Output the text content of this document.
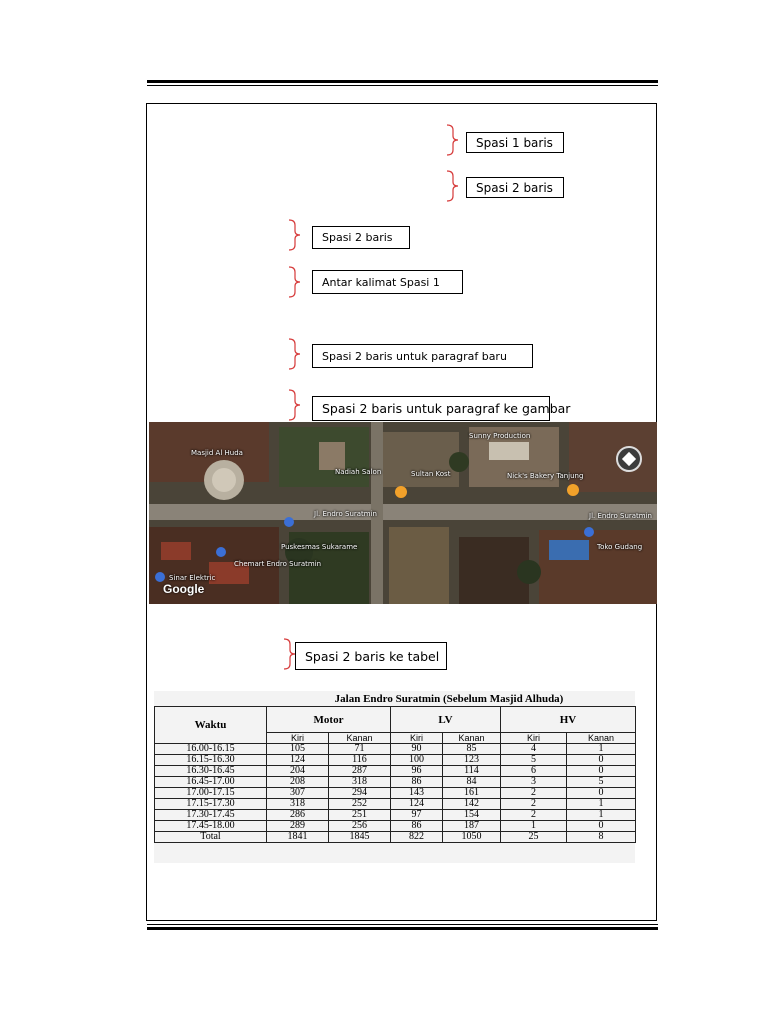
Spasi 1 baris
Spasi 2 baris
Spasi 2 baris
Antar kalimat Spasi 1
Spasi 2 baris untuk paragraf baru
Spasi 2 baris untuk paragraf ke gambar
Masjid Al Huda
Nadiah Salon	Sultan Kost	Nick's Bakery Tanjung
Sunny Production
Jl. Endro Suratmin	Jl. Endro Suratmin
Puskesmas Sukarame
Chemart Endro Suratmin
Sinar Elektric
Toko Gudang
Google
Spasi 2 baris ke tabel
Jalan Endro Suratmin (Sebelum Masjid Alhuda)
Waktu	Motor		LV		HV	
	Kiri	Kanan	Kiri	Kanan	Kiri	Kanan
16.00-16.15	105	71	90	85	4	1
16.15-16.30	124	116	100	123	5	0
16.30-16.45	204	287	96	114	6	0
16.45-17.00	208	318	86	84	3	5
17.00-17.15	307	294	143	161	2	0
17.15-17.30	318	252	124	142	2	1
17.30-17.45	286	251	97	154	2	1
17.45-18.00	289	256	86	187	1	0
Total	1841	1845	822	1050	25	8
